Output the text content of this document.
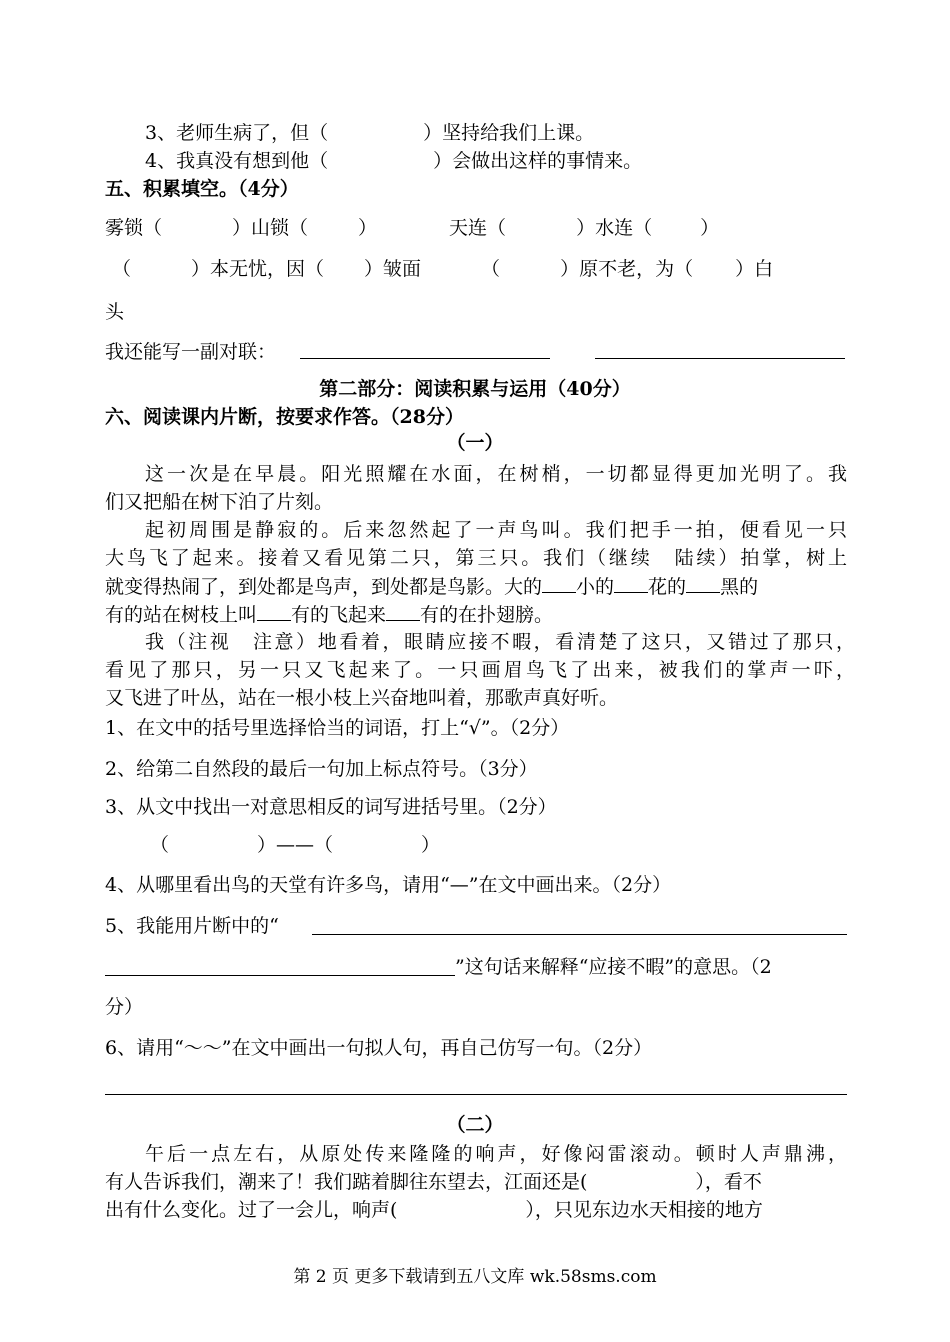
3、老师生病了，但（	）坚持给我们上课。
4、我真没有想到他（	）会做出这样的事情来。
五、积累填空。（4分）
雾锁（	）山锁（	）	天连（	）水连（	）
（	）本无忧，因（ ）皱面	（	）原不老，为（ ）白
头
我还能写一副对联：
第二部分：阅读积累与运用（40分）
六、阅读课内片断，按要求作答。（28分）
（一）
这一次是在早晨。阳光照耀在水面，在树梢，一切都显得更加光明了。我
们又把船在树下泊了片刻。
起初周围是静寂的。后来忽然起了一声鸟叫。我们把手一拍，便看见一只
大鸟飞了起来。接着又看见第二只，第三只。我们（继续　陆续）拍掌，树上
就变得热闹了，到处都是鸟声，到处都是鸟影。大的 小的 花的 黑的
有的站在树枝上叫 有的飞起来 有的在扑翅膀。
我（注视　注意）地看着，眼睛应接不暇，看清楚了这只，又错过了那只，
看见了那只，另一只又飞起来了。一只画眉鸟飞了出来，被我们的掌声一吓，
又飞进了叶丛，站在一根小枝上兴奋地叫着，那歌声真好听。
1、在文中的括号里选择恰当的词语，打上“√”。（2分）
2、给第二自然段的最后一句加上标点符号。（3分）
3、从文中找出一对意思相反的词写进括号里。（2分）
（	）——（	）
4、从哪里看出鸟的天堂有许多鸟，请用“—”在文中画出来。（2分）
5、我能用片断中的“
”这句话来解释“应接不暇”的意思。（2
分）
6、请用“～～”在文中画出一句拟人句，再自己仿写一句。（2分）
（二）
午后一点左右，从原处传来隆隆的响声，好像闷雷滚动。顿时人声鼎沸，
有人告诉我们，潮来了！我们踮着脚往东望去，江面还是(	），看不
出有什么变化。过了一会儿，响声(	），只见东边水天相接的地方
第 2 页 更多下载请到五八文库 wk.58sms.com
